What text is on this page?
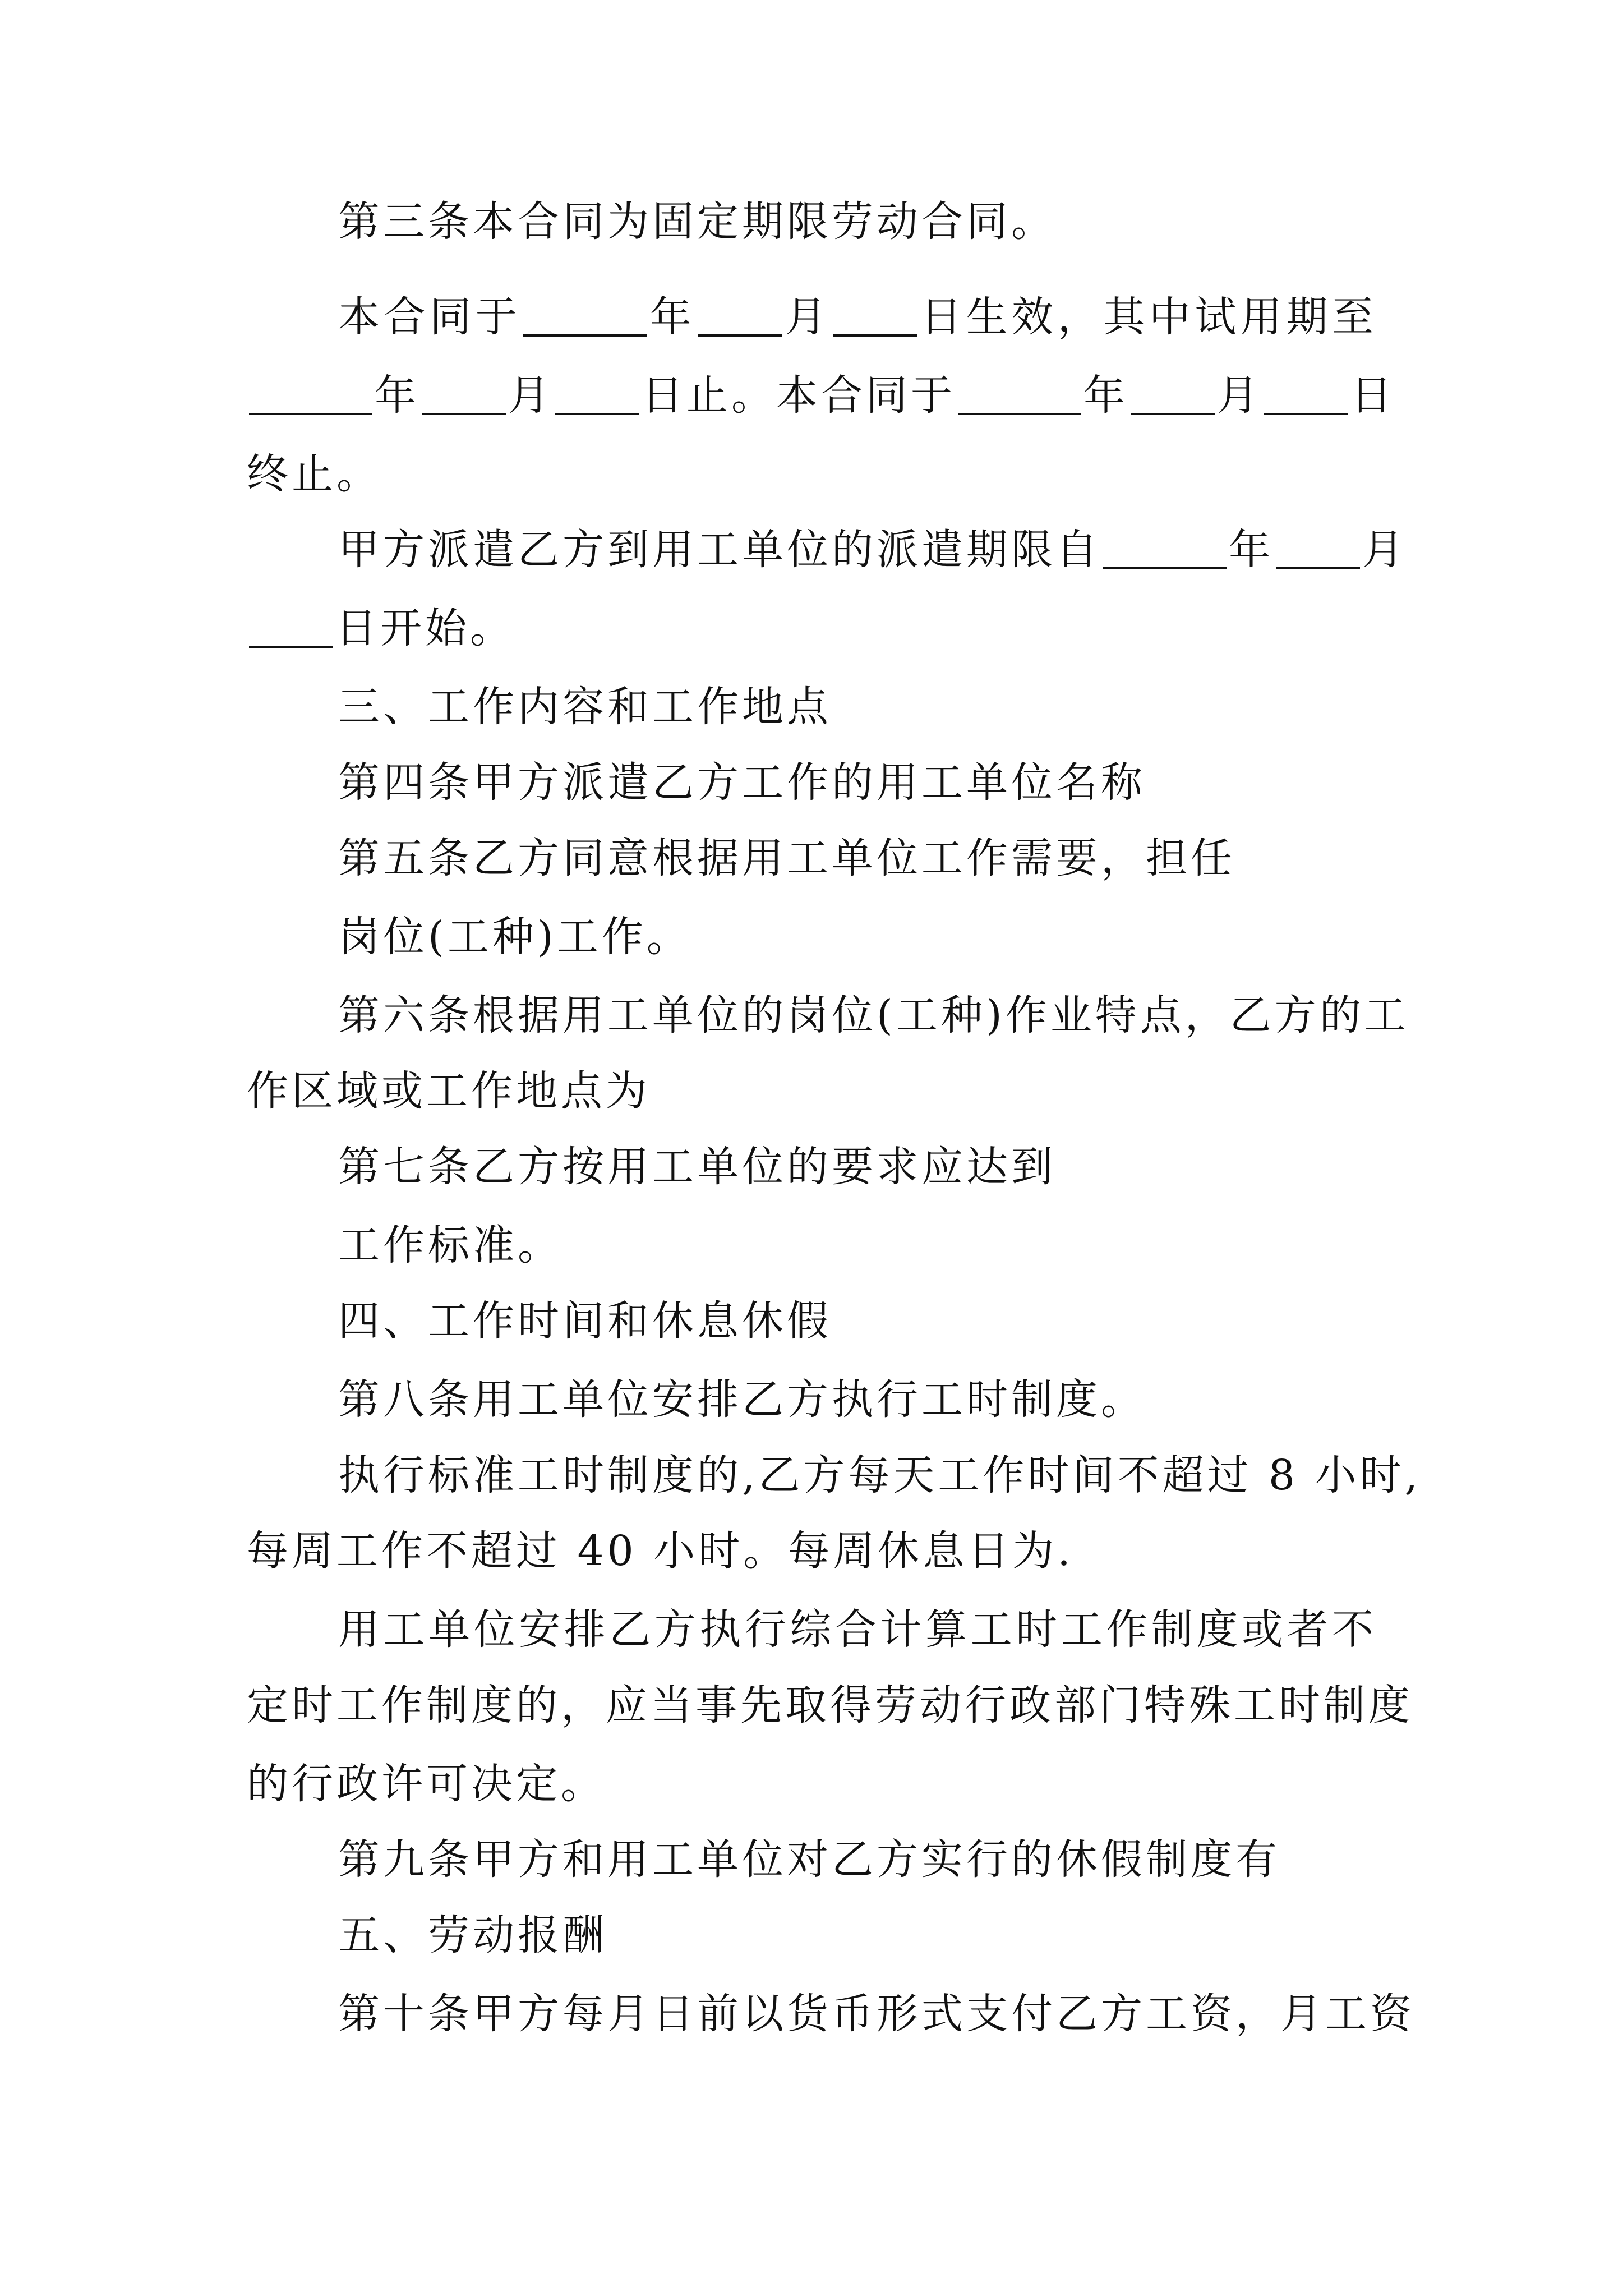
第三条本合同为固定期限劳动合同。
本合同于	年 月 日生效，其中试用期至
年 月 日止。本合同于	年 月 日
终止。
甲方派遣乙方到用工单位的派遣期限自	年 月
日开始。
三、工作内容和工作地点
第四条甲方派遣乙方工作的用工单位名称
第五条乙方同意根据用工单位工作需要，担任
岗位(工种)工作。
第六条根据用工单位的岗位(工种)作业特点，乙方的工
作区域或工作地点为
第七条乙方按用工单位的要求应达到
工作标准。
四、工作时间和休息休假
第八条用工单位安排乙方执行工时制度。
执行标准工时制度的,乙方每天工作时间不超过 8 小时,
每周工作不超过 40 小时。每周休息日为.
用工单位安排乙方执行综合计算工时工作制度或者不
定时工作制度的，应当事先取得劳动行政部门特殊工时制度
的行政许可决定。
第九条甲方和用工单位对乙方实行的休假制度有
五、劳动报酬
第十条甲方每月日前以货币形式支付乙方工资，月工资
